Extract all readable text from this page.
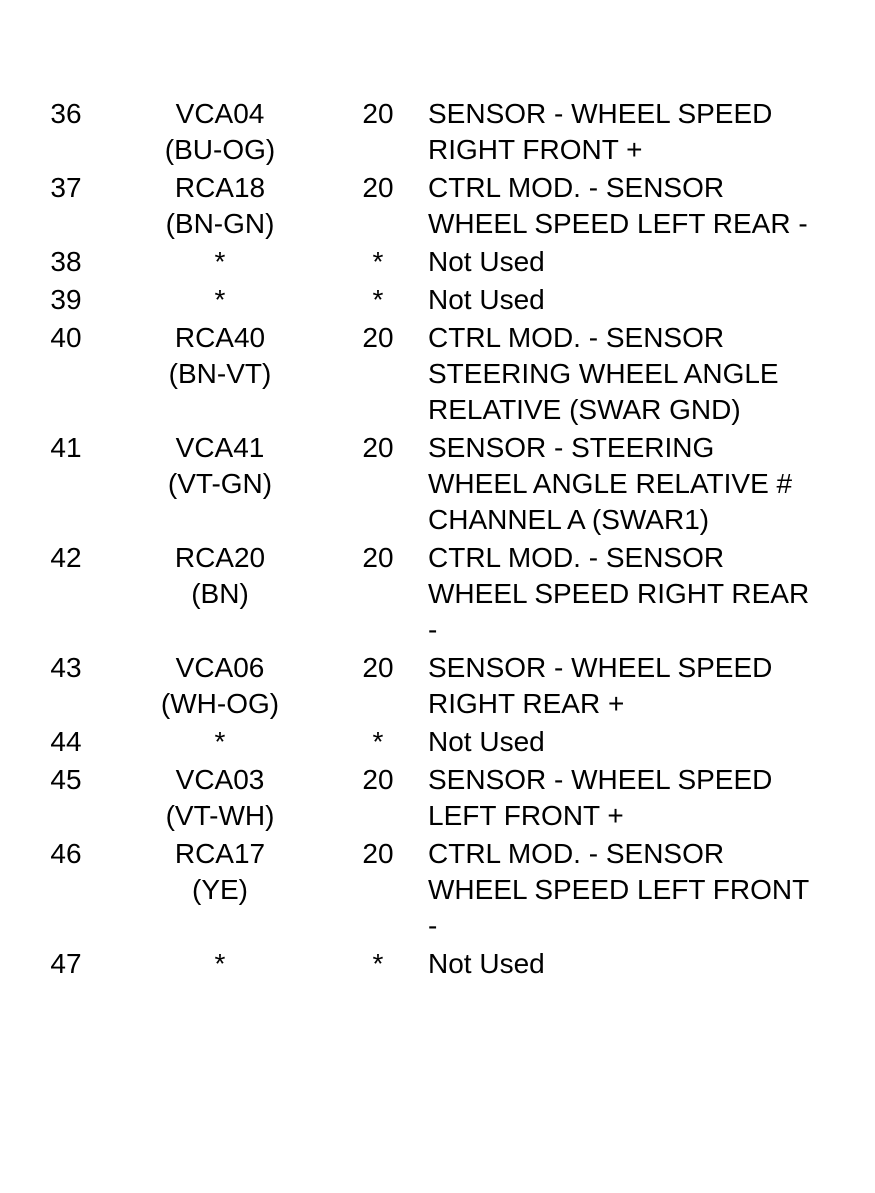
36	VCA04
(BU-OG)	20	SENSOR - WHEEL SPEED
RIGHT FRONT +

37	RCA18
(BN-GN)	20	CTRL MOD. - SENSOR
WHEEL SPEED LEFT REAR -

38	*	*	Not Used

39	*	*	Not Used

40	RCA40
(BN-VT)	20	CTRL MOD. - SENSOR
STEERING WHEEL ANGLE
RELATIVE (SWAR GND)

41	VCA41
(VT-GN)	20	SENSOR - STEERING
WHEEL ANGLE RELATIVE #
CHANNEL A (SWAR1)

42	RCA20
(BN)	20	CTRL MOD. - SENSOR
WHEEL SPEED RIGHT REAR
-

43	VCA06
(WH-OG)	20	SENSOR - WHEEL SPEED
RIGHT REAR +

44	*	*	Not Used

45	VCA03
(VT-WH)	20	SENSOR - WHEEL SPEED
LEFT FRONT +

46	RCA17
(YE)	20	CTRL MOD. - SENSOR
WHEEL SPEED LEFT FRONT
-

47	*	*	Not Used
